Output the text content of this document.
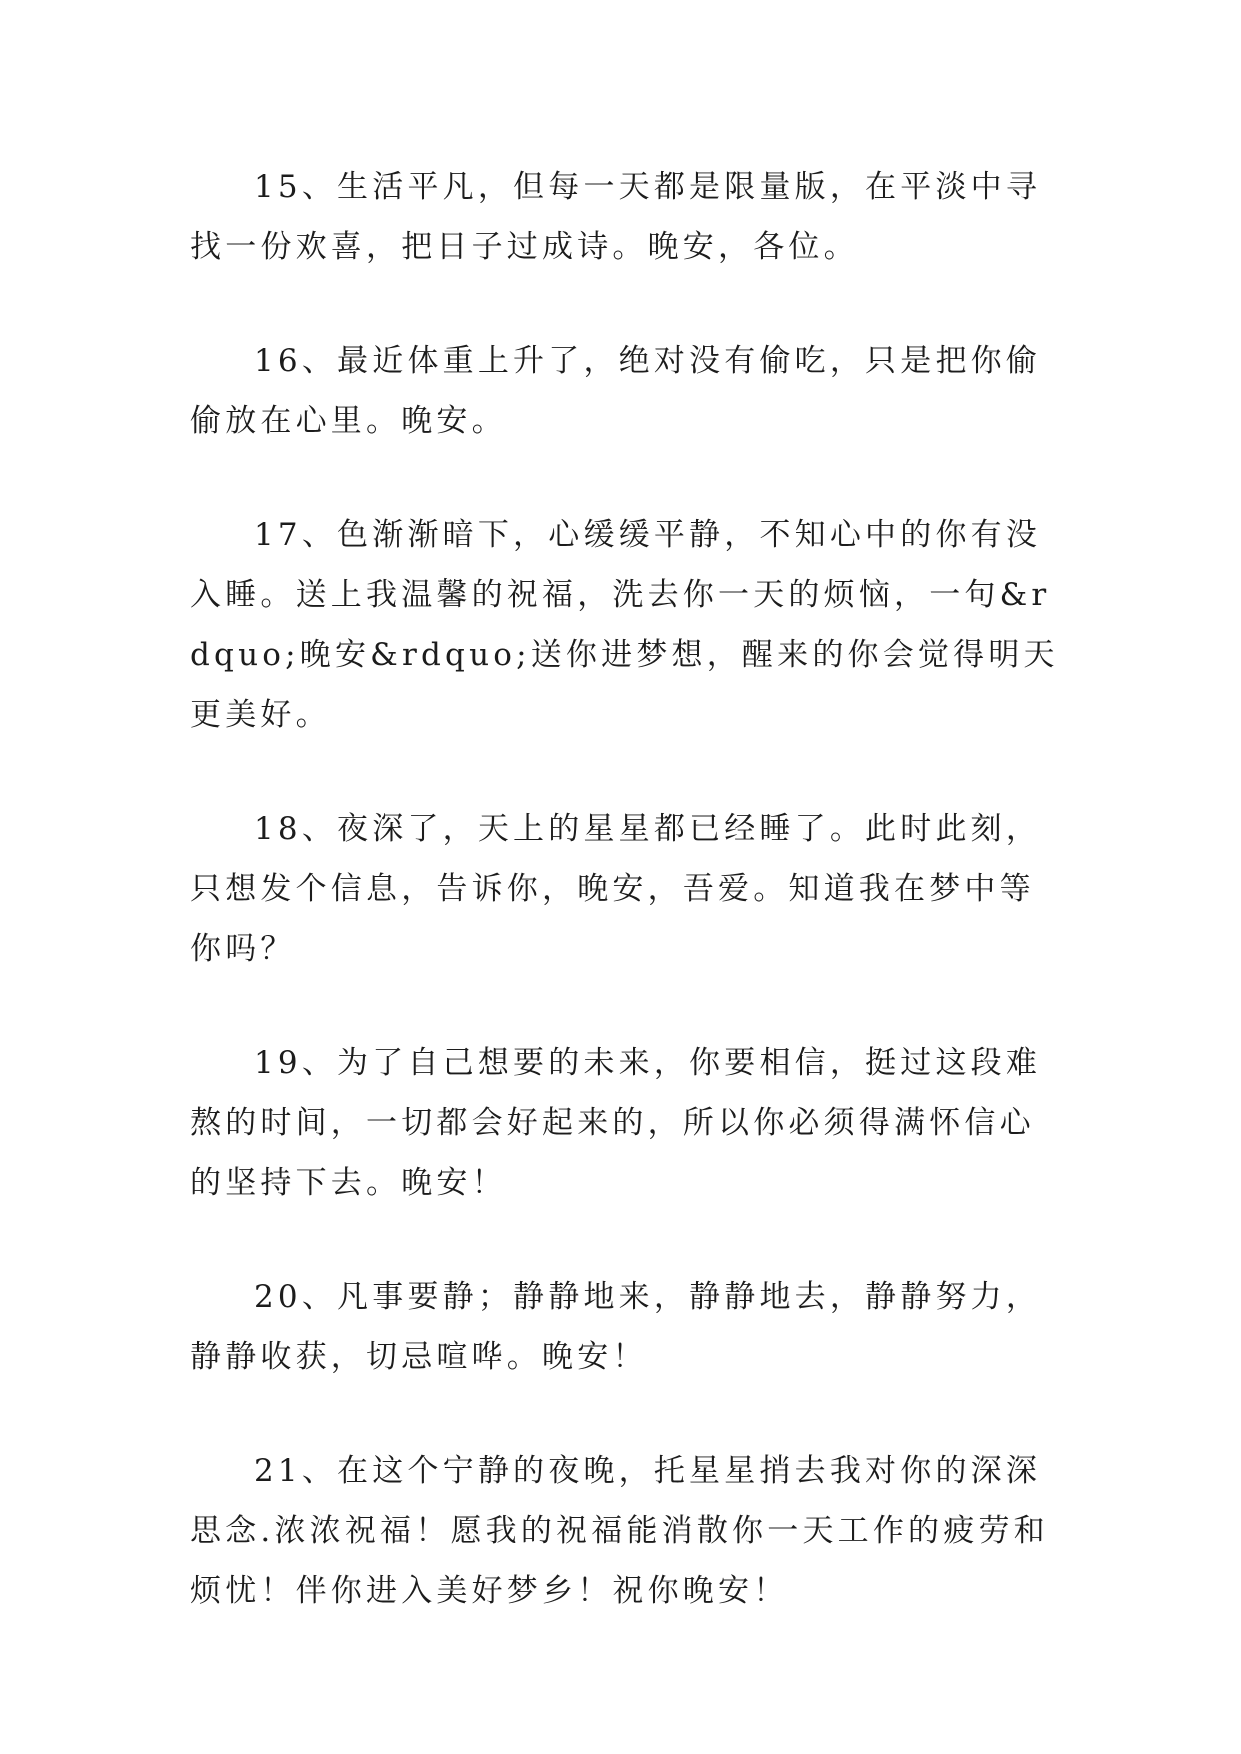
15、生活平凡，但每一天都是限量版，在平淡中寻找一份欢喜，把日子过成诗。晚安，各位。

16、最近体重上升了，绝对没有偷吃，只是把你偷偷放在心里。晚安。

17、色渐渐暗下，心缓缓平静，不知心中的你有没入睡。送上我温馨的祝福，洗去你一天的烦恼，一句&rdquo;晚安&rdquo;送你进梦想，醒来的你会觉得明天更美好。

18、夜深了，天上的星星都已经睡了。此时此刻，只想发个信息，告诉你，晚安，吾爱。知道我在梦中等你吗？

19、为了自己想要的未来，你要相信，挺过这段难熬的时间，一切都会好起来的，所以你必须得满怀信心的坚持下去。晚安！

20、凡事要静；静静地来，静静地去，静静努力，静静收获，切忌喧哗。晚安！

21、在这个宁静的夜晚，托星星捎去我对你的深深思念.浓浓祝福！愿我的祝福能消散你一天工作的疲劳和烦忧！伴你进入美好梦乡！祝你晚安！
